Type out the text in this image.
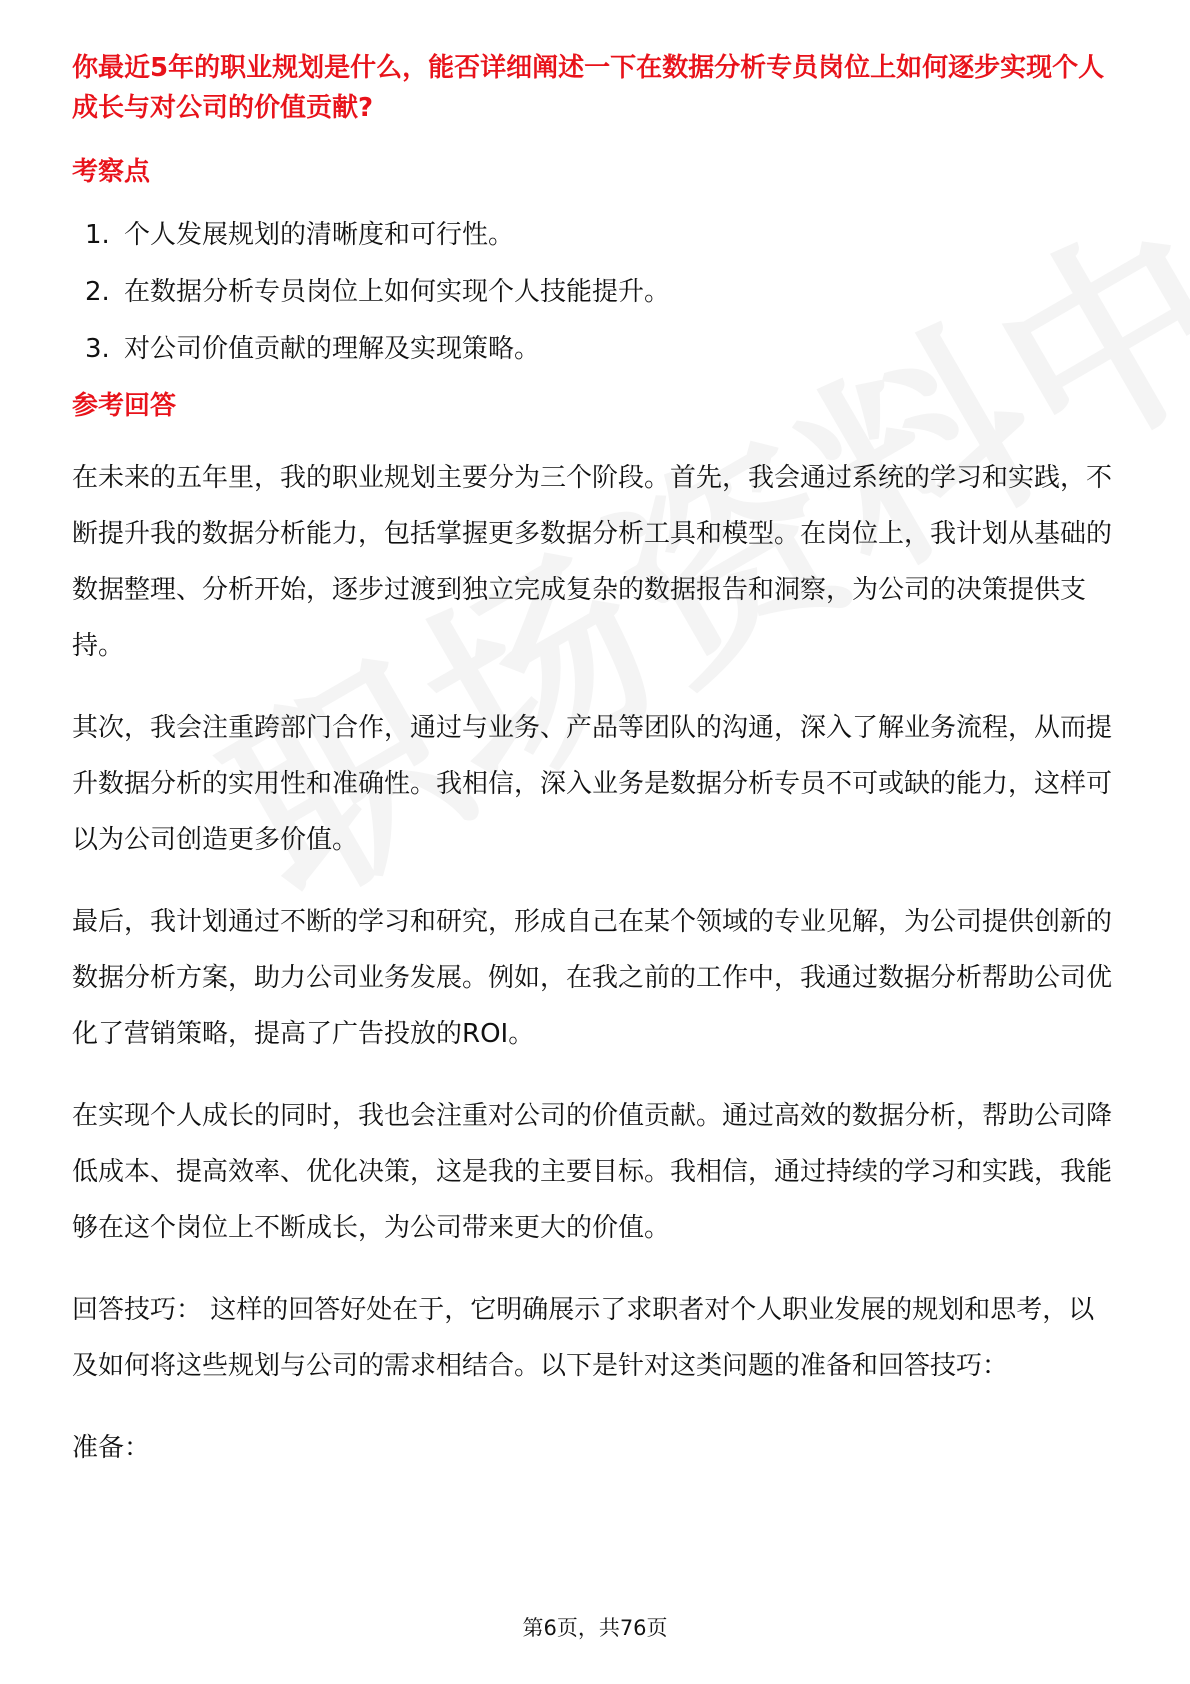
你最近5年的职业规划是什么，能否详细阐述一下在数据分析专员岗位上如何逐步实现个人成长与对公司的价值贡献?

考察点

1. 个人发展规划的清晰度和可行性。
2. 在数据分析专员岗位上如何实现个人技能提升。
3. 对公司价值贡献的理解及实现策略。

参考回答

在未来的五年里，我的职业规划主要分为三个阶段。首先，我会通过系统的学习和实践，不断提升我的数据分析能力，包括掌握更多数据分析工具和模型。在岗位上，我计划从基础的数据整理、分析开始，逐步过渡到独立完成复杂的数据报告和洞察，为公司的决策提供支持。

其次，我会注重跨部门合作，通过与业务、产品等团队的沟通，深入了解业务流程，从而提升数据分析的实用性和准确性。我相信，深入业务是数据分析专员不可或缺的能力，这样可以为公司创造更多价值。

最后，我计划通过不断的学习和研究，形成自己在某个领域的专业见解，为公司提供创新的数据分析方案，助力公司业务发展。例如，在我之前的工作中，我通过数据分析帮助公司优化了营销策略，提高了广告投放的ROI。

在实现个人成长的同时，我也会注重对公司的价值贡献。通过高效的数据分析，帮助公司降低成本、提高效率、优化决策，这是我的主要目标。我相信，通过持续的学习和实践，我能够在这个岗位上不断成长，为公司带来更大的价值。

回答技巧： 这样的回答好处在于，它明确展示了求职者对个人职业发展的规划和思考，以及如何将这些规划与公司的需求相结合。以下是针对这类问题的准备和回答技巧：

准备：

第6页，共76页
